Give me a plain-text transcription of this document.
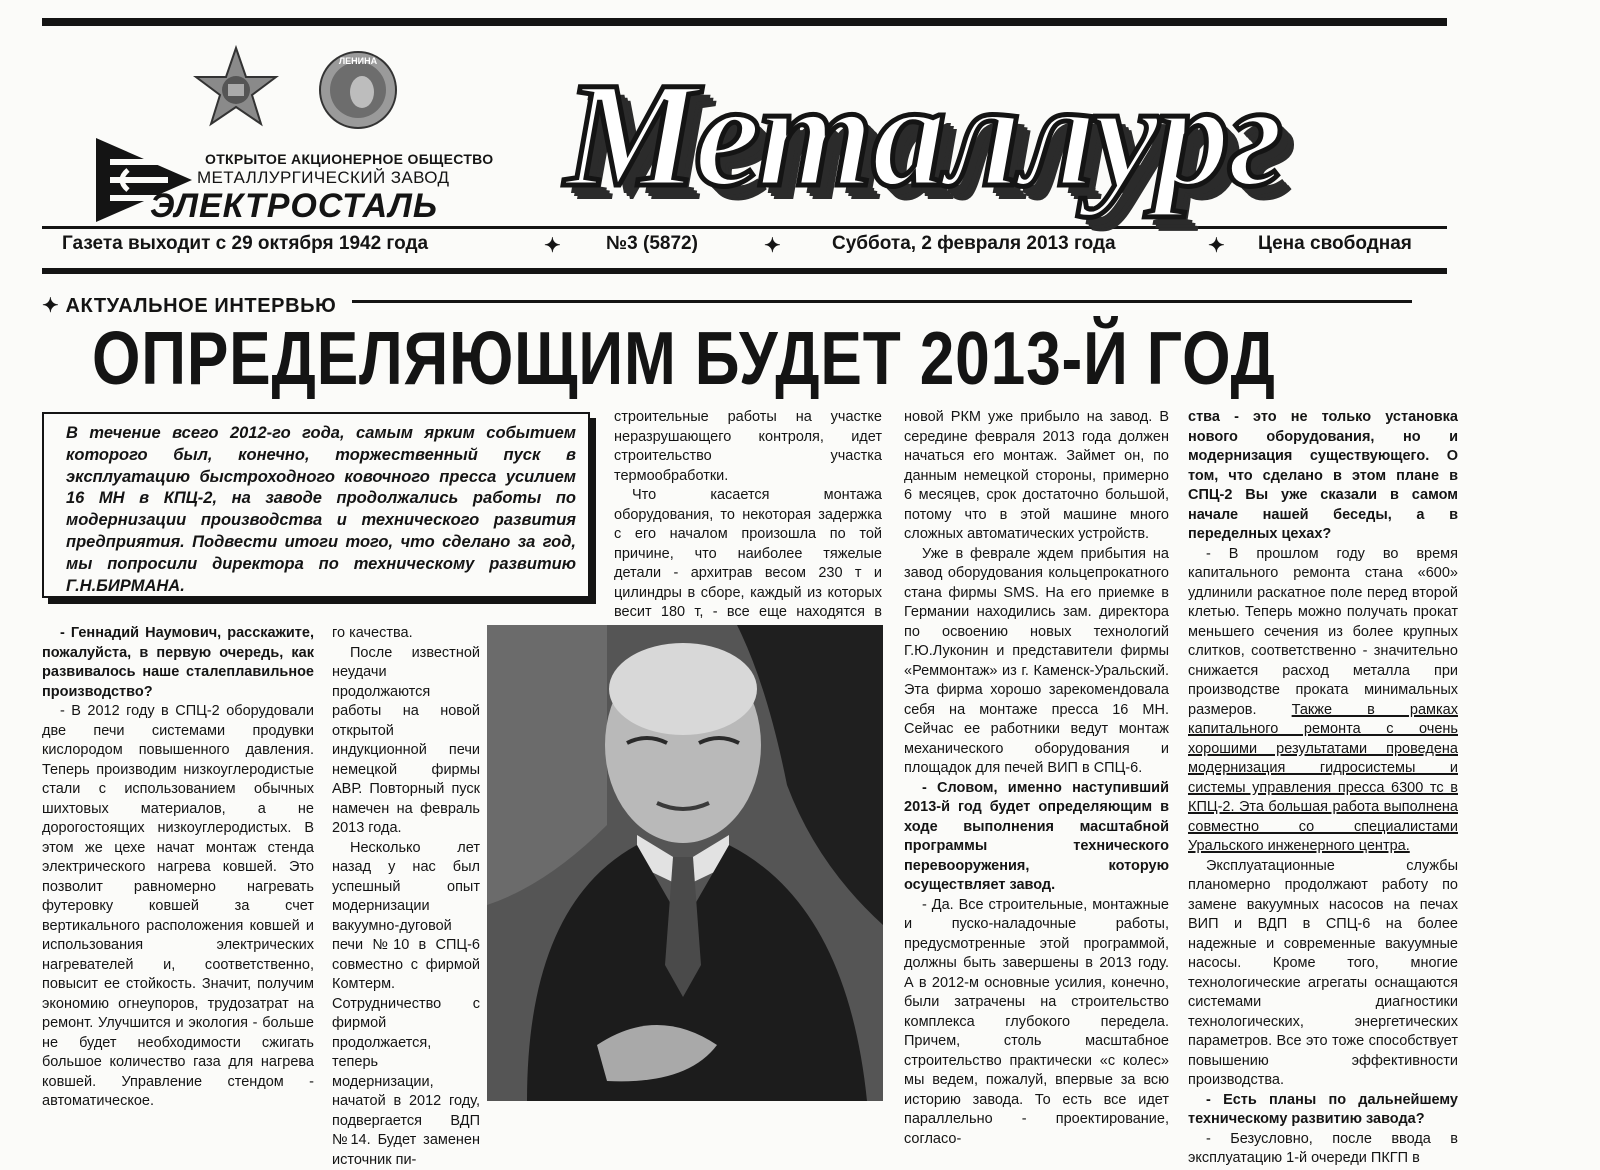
ЛЕНИНА
ОТКРЫТОЕ АКЦИОНЕРНОЕ ОБЩЕСТВО
МЕТАЛЛУРГИЧЕСКИЙ ЗАВОД
ЭЛЕКТРОСТАЛЬ Металлург
Газета выходит с 29 октября 1942 года	✦ №3 (5872)	✦	Суббота, 2 февраля 2013 года	✦ Цена свободная
✦ АКТУАЛЬНОЕ ИНТЕРВЬЮ
ОПРЕДЕЛЯЮЩИМ БУДЕТ 2013-Й ГОД
В течение всего 2012-го года, самым ярким событием которого был, конечно, торжественный пуск в эксплуатацию быстроходного ковочного пресса усилием 16 МН в КПЦ-2, на заводе продолжались работы по модернизации производства и технического развития предприятия. Подвести итоги того, что сделано за год, мы попросили директора по техническому развитию Г.Н.БИРМАНА.

- Геннадий Наумович, расскажите, пожалуйста, в первую очередь, как развивалось наше сталеплавильное производство?

- В 2012 году в СПЦ-2 оборудовали две печи системами продувки кислородом повышенного давления. Теперь производим низкоуглеродистые стали с использованием обычных шихтовых материалов, а не дорогостоящих низкоуглеродистых. В этом же цехе начат монтаж стенда электрического нагрева ковшей. Это позволит равномерно нагревать футеровку ковшей за счет вертикального расположения ковшей и использования электрических нагревателей и, соответственно, повысит ее стойкость. Значит, получим экономию огнеупоров, трудозатрат на ремонт. Улучшится и экология - больше не будет необходимости сжигать большое количество газа для нагрева ковшей. Управление стендом - автоматическое.

строительные работы на участке неразрушающего контроля, идет строительство участка термообработки.

Что касается монтажа оборудования, то некоторая задержка с его началом произошла по той причине, что наиболее тяжелые детали - архитрав весом 230 т и цилиндры в сборе, каждый из которых весит 180 т, - все еще находятся в

го качества.

После известной неудачи продолжаются работы на новой открытой индукционной печи немецкой фирмы АВР. Повторный пуск намечен на февраль 2013 года.

Несколько лет назад у нас был успешный опыт модернизации вакуумно-дуговой печи №10 в СПЦ-6 совместно с фирмой Комтерм. Сотрудничество с фирмой продолжается, теперь модернизации, начатой в 2012 году, подвергается ВДП №14. Будет заменен источник пи-

новой РКМ уже прибыло на завод. В середине февраля 2013 года должен начаться его монтаж. Займет он, по данным немецкой стороны, примерно 6 месяцев, срок достаточно большой, потому что в этой машине много сложных автоматических устройств.

Уже в феврале ждем прибытия на завод оборудования кольцепрокатного стана фирмы SMS. На его приемке в Германии находились зам. директора по освоению новых технологий Г.Ю.Луконин и представители фирмы «Реммонтаж» из г. Каменск-Уральский. Эта фирма хорошо зарекомендовала себя на монтаже пресса 16 МН. Сейчас ее работники ведут монтаж механического оборудования и площадок для печей ВИП в СПЦ-6.

- Словом, именно наступивший 2013-й год будет определяющим в ходе выполнения масштабной программы технического перевооружения, которую осуществляет завод.

- Да. Все строительные, монтажные и пуско-наладочные работы, предусмотренные этой программой, должны быть завершены в 2013 году. А в 2012-м основные усилия, конечно, были затрачены на строительство комплекса глубокого передела. Причем, столь масштабное строительство практически «с колес» мы ведем, пожалуй, впервые за всю историю завода. То есть все идет параллельно - проектирование, согласо-

ства - это не только установка нового оборудования, но и модернизация существующего. О том, что сделано в этом плане в СПЦ-2 Вы уже сказали в самом начале нашей беседы, а в переделных цехах?

- В прошлом году во время капитального ремонта стана «600» удлинили раскатное поле перед второй клетью. Теперь можно получать прокат меньшего сечения из более крупных слитков, соответственно - значительно снижается расход металла при производстве проката минимальных размеров. Также в рамках капитального ремонта с очень хорошими результатами проведена модернизация гидросистемы и системы управления пресса 6300 тс в КПЦ-2. Эта большая работа выполнена совместно со специалистами Уральского инженерного центра.

Эксплуатационные службы планомерно продолжают работу по замене вакуумных насосов на печах ВИП и ВДП в СПЦ-6 на более надежные и современные вакуумные насосы. Кроме того, многие технологические агрегаты оснащаются системами диагностики технологических, энергетических параметров. Все это тоже способствует повышению эффективности производства.

- Есть планы по дальнейшему техническому развитию завода?

- Безусловно, после ввода в эксплуатацию 1-й очереди ПКГП в
